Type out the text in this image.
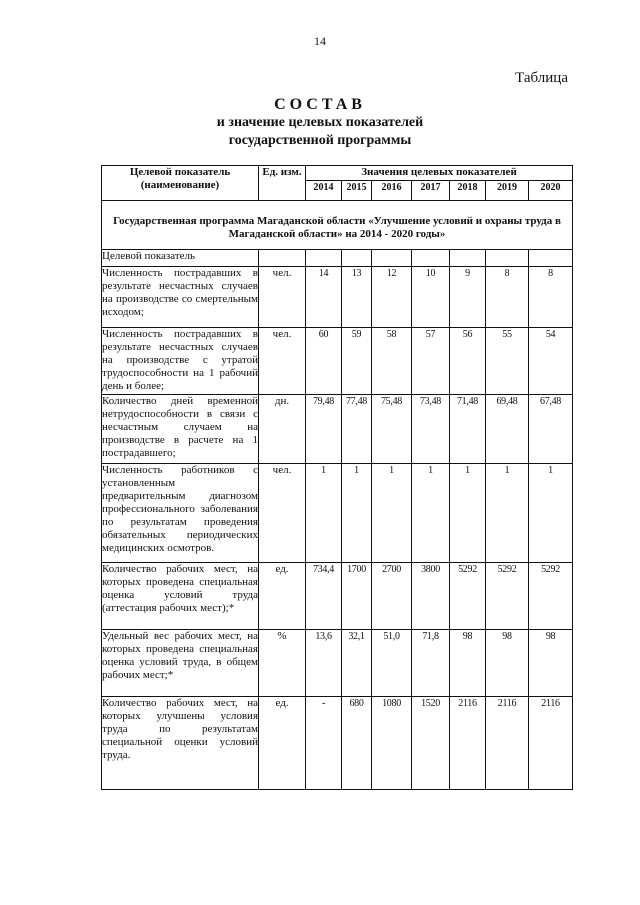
14
Таблица
СОСТАВ
и значение целевых показателей
государственной программы
Целевой показатель (наименование)	Ед. изм.	Значения целевых показателей						
		2014	2015	2016	2017	2018	2019	2020

Государственная программа Магаданской области «Улучшение условий и охраны труда в Магаданской области» на 2014 - 2020 годы»								
Целевой показатель								
Численность пострадавших в результате несчастных случаев на производстве со смертельным исходом;	чел.	14	13	12	10	9	8	8
Численность пострадавших в результате несчастных случаев на производстве с утратой трудоспособности на 1 рабочий день и более;	чел.	60	59	58	57	56	55	54
Количество дней временной нетрудоспособности в связи с несчастным случаем на производстве в расчете на 1 пострадавшего;	дн.	79,48	77,48	75,48	73,48	71,48	69,48	67,48
Численность работников с установленным предварительным диагнозом профессионального заболевания по результатам проведения обязательных периодических медицинских осмотров.	чел.	1	1	1	1	1	1	1
Количество рабочих мест, на которых проведена специальная оценка условий труда (аттестация рабочих мест);*	ед.	734,4	1700	2700	3800	5292	5292	5292
Удельный вес рабочих мест, на которых проведена специальная оценка условий труда, в общем рабочих мест;*	%	13,6	32,1	51,0	71,8	98	98	98
Количество рабочих мест, на которых улучшены условия труда по результатам специальной оценки условий труда.	ед.	-	680	1080	1520	2116	2116	2116
